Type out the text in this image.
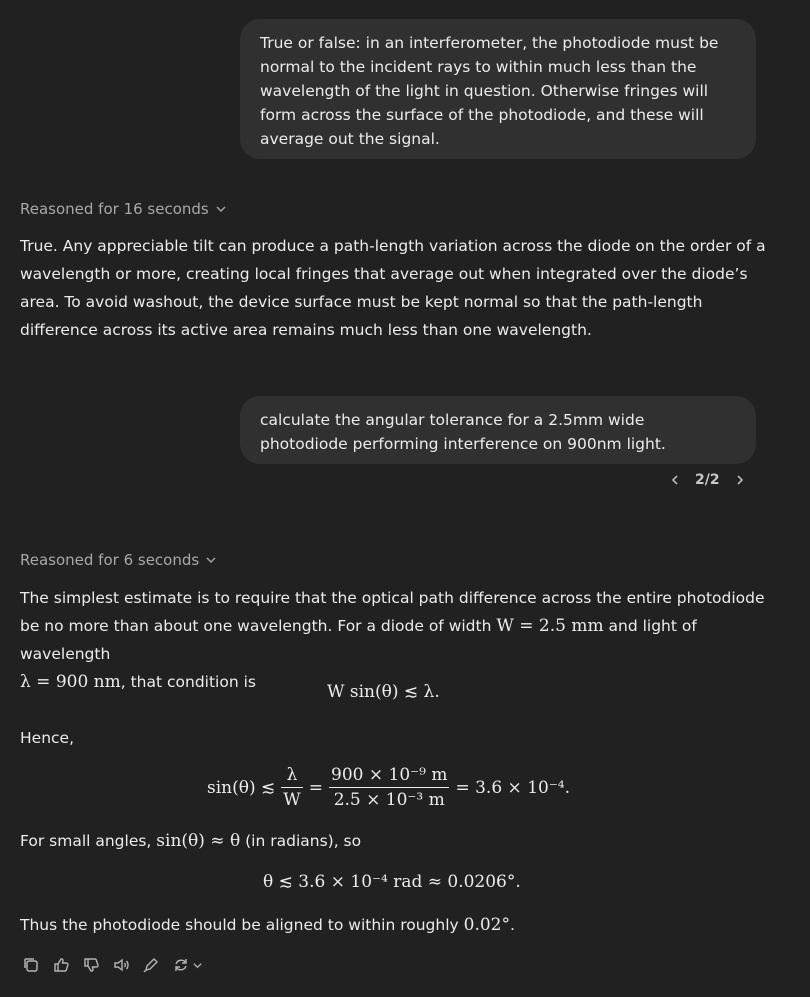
True or false: in an interferometer, the photodiode must be normal to the incident rays to within much less than the wavelength of the light in question. Otherwise fringes will form across the surface of the photodiode, and these will average out the signal.
Reasoned for 16 seconds
True. Any appreciable tilt can produce a path-length variation across the diode on the order of a wavelength or more, creating local fringes that average out when integrated over the diode’s area. To avoid washout, the device surface must be kept normal so that the path-length difference across its active area remains much less than one wavelength.
calculate the angular tolerance for a 2.5mm wide photodiode performing interference on 900nm light.
2/2
Reasoned for 6 seconds
The simplest estimate is to require that the optical path difference across the entire photodiode be no more than about one wavelength. For a diode of width W = 2.5 mm and light of wavelength
λ = 900 nm, that condition is	W sin(θ) ≲ λ.
Hence,
sin(θ) ≲ $\frac{\lambda}{W} = \frac{\text{900 × 10⁻⁹ m}}{\text{2.5 × 10⁻³ m}} = 3.6 \times 10^{-4}$.
For small angles, sin(θ) ≈ θ (in radians), so
θ ≲ 3.6 × 10⁻⁴ rad ≈ 0.0206°.
Thus the photodiode should be aligned to within roughly 0.02°.
